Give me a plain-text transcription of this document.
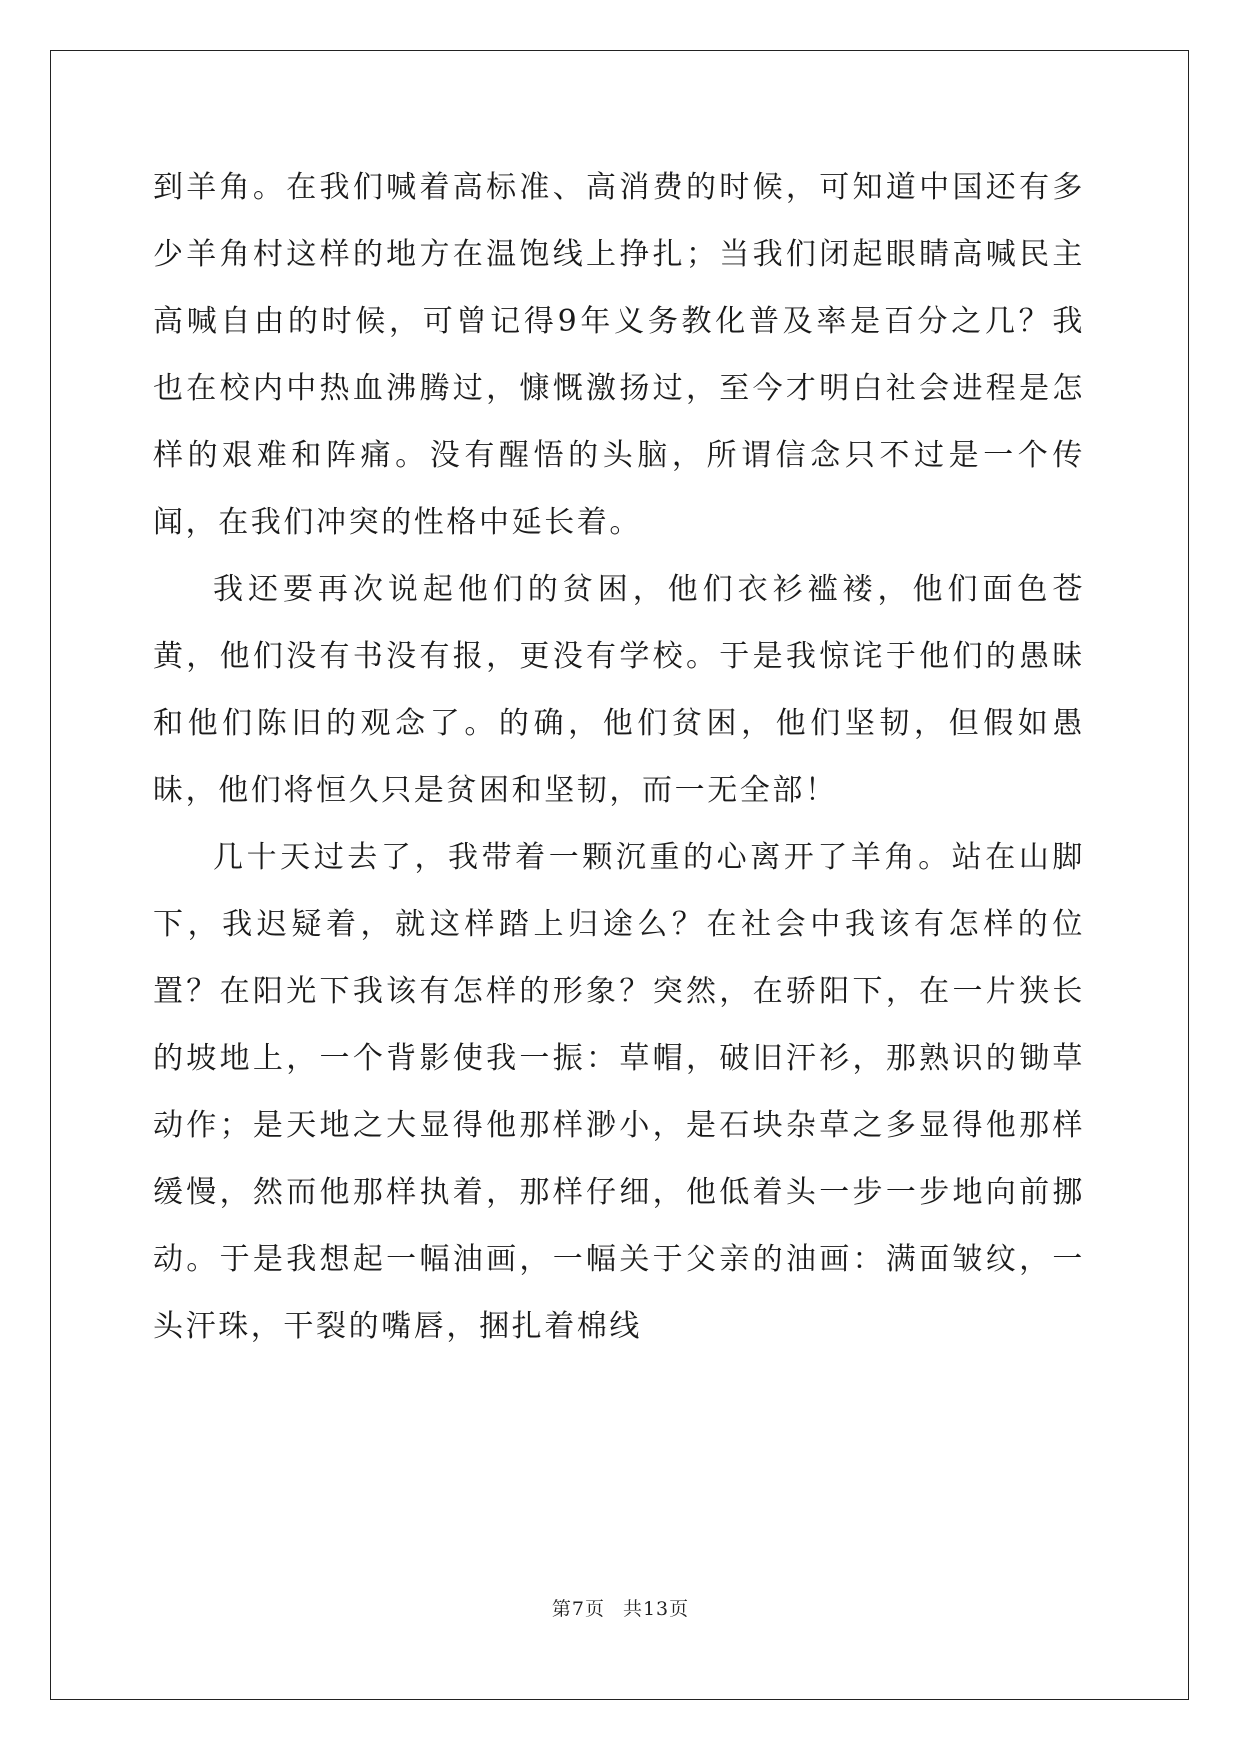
到羊角。在我们喊着高标准、高消费的时候，可知道中国还有多少羊角村这样的地方在温饱线上挣扎；当我们闭起眼睛高喊民主高喊自由的时候，可曾记得9年义务教化普及率是百分之几？我也在校内中热血沸腾过，慷慨激扬过，至今才明白社会进程是怎样的艰难和阵痛。没有醒悟的头脑，所谓信念只不过是一个传闻，在我们冲突的性格中延长着。

我还要再次说起他们的贫困，他们衣衫褴褛，他们面色苍黄，他们没有书没有报，更没有学校。于是我惊诧于他们的愚昧和他们陈旧的观念了。的确，他们贫困，他们坚韧，但假如愚昧，他们将恒久只是贫困和坚韧，而一无全部！

几十天过去了，我带着一颗沉重的心离开了羊角。站在山脚下，我迟疑着，就这样踏上归途么？在社会中我该有怎样的位置？在阳光下我该有怎样的形象？突然，在骄阳下，在一片狭长的坡地上，一个背影使我一振：草帽，破旧汗衫，那熟识的锄草动作；是天地之大显得他那样渺小，是石块杂草之多显得他那样缓慢，然而他那样执着，那样仔细，他低着头一步一步地向前挪动。于是我想起一幅油画，一幅关于父亲的油画：满面皱纹，一头汗珠，干裂的嘴唇，捆扎着棉线

第7页 共13页
